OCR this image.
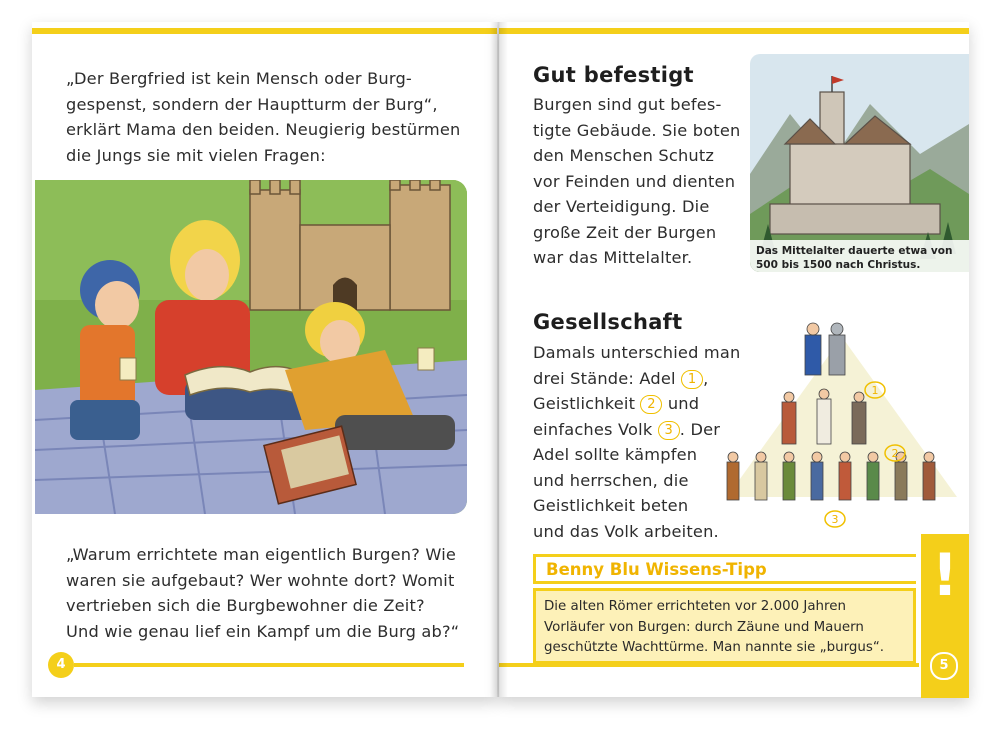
„Der Bergfried ist kein Mensch oder Burg-
gespenst, sondern der Hauptturm der Burg“,
erklärt Mama den beiden. Neugierig bestürmen
die Jungs sie mit vielen Fragen:
„Warum errichtete man eigentlich Burgen? Wie
waren sie aufgebaut? Wer wohnte dort? Womit
vertrieben sich die Burgbewohner die Zeit?
Und wie genau lief ein Kampf um die Burg ab?“
4
Gut befestigt
Burgen sind gut befes-
tigte Gebäude. Sie boten
den Menschen Schutz
vor Feinden und dienten
der Verteidigung. Die
große Zeit der Burgen
war das Mittelalter.	Das Mittelalter dauerte etwa von
500 bis 1500 nach Christus.
Gesellschaft
Damals unterschied man
drei Stände: Adel 1 ,
Geistlichkeit 2 und
einfaches Volk 3 . Der
Adel sollte kämpfen
und herrschen, die
Geistlichkeit beten
und das Volk arbeiten.
1
2
3
!
Benny Blu Wissens-Tipp
Die alten Römer errichteten vor 2.000 Jahren
Vorläufer von Burgen: durch Zäune und Mauern
geschützte Wachttürme. Man nannte sie „burgus“.
5
